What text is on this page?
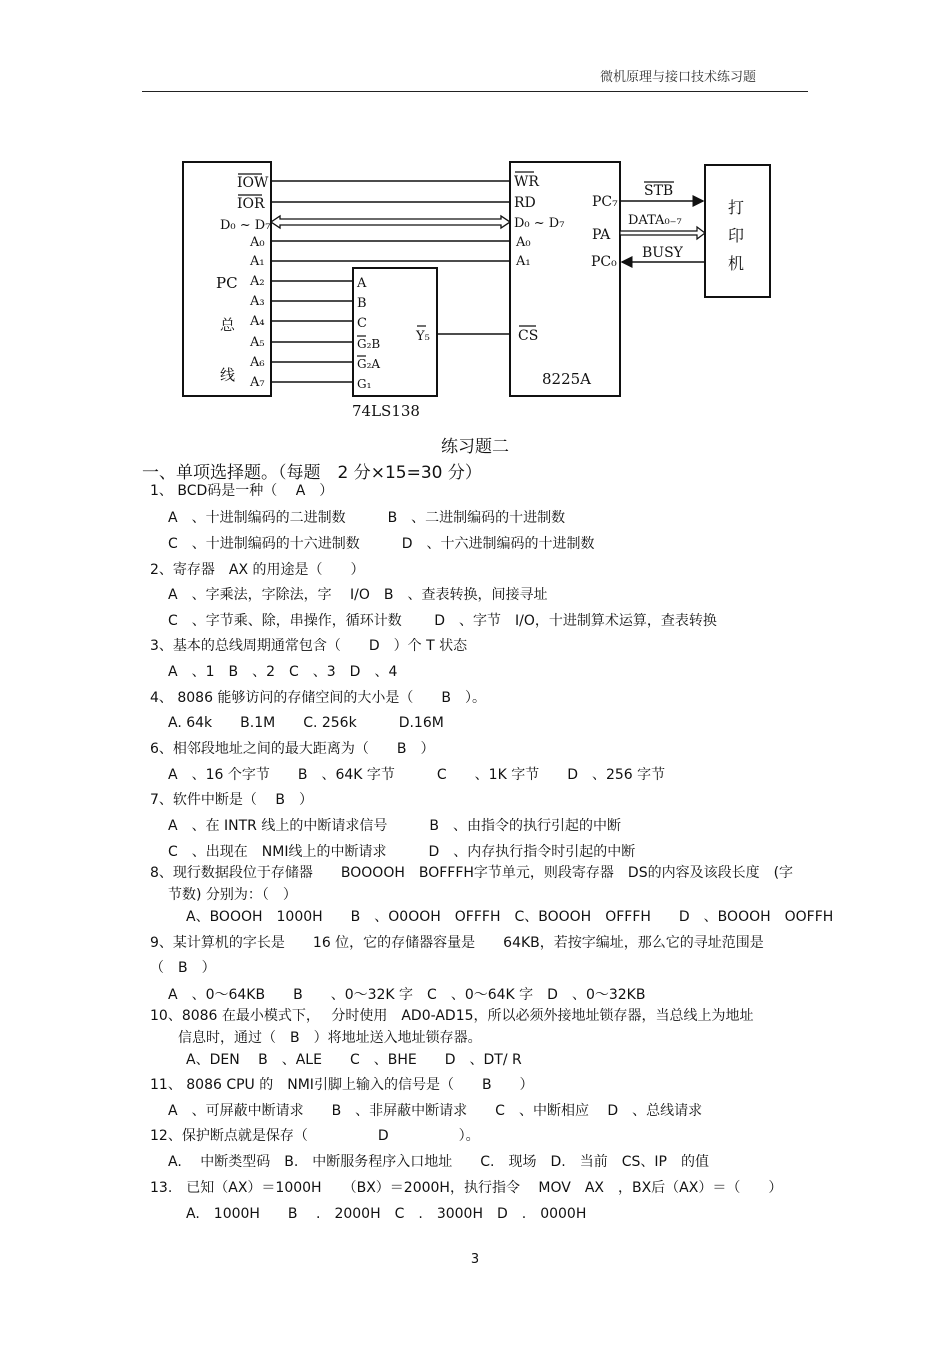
微机原理与接口技术练习题
IOW
IOR
D₀ ~ D₇
A₀
A₁
A₂
A₃
A₄
A₅
A₆
A₇
PC
总
线
A
B
C
G₂B
G₂A
G₁
Y₅
74LS138
WR
RD
D₀ ~ D₇
A₀
A₁
CS
PC₇
PA
PC₀
8225A
STB
DATA₀₋₇
BUSY
打
印
机
练习题二
一、单项选择题。（每题　2 分×15=30 分）
1、 BCD码是一种（　 A　）
A　、十进制编码的二进制数　　　B　、二进制编码的十进制数
C　、十进制编码的十六进制数　　　D　、十六进制编码的十进制数
2、寄存器　AX 的用途是（　　）
A　、字乘法，字除法，字　 I/O　B　、查表转换，间接寻址
C　、字节乘、除，串操作，循环计数　　 D　、字节　I/O，十进制算术运算，查表转换
3、基本的总线周期通常包含（　　D　）个 T 状态
A　、1　B　、2　C　、3　D　、4
4、 8086 能够访问的存储空间的大小是（　　B　）。
A. 64k　　B.1M　　C. 256k　　　D.16M
6、相邻段地址之间的最大距离为（　　B　）
A　、16 个字节　　B　、64K 字节　　　C　　、1K 字节　　D　、256 字节
7、软件中断是（　 B　）
A　、在 INTR 线上的中断请求信号　　　B　、由指令的执行引起的中断
C　、出现在　NMI线上的中断请求　　　D　、内存执行指令时引起的中断
8、现行数据段位于存储器　　BOOOOH　BOFFFH字节单元，则段寄存器　DS的内容及该段长度　(字
节数) 分别为：（　）
A、BOOOH　1000H　　B　、O0OOH　OFFFH　C、BOOOH　OFFFH　　D　、BOOOH　OOFFH
9、某计算机的字长是　　16 位，它的存储器容量是　　64KB，若按字编址，那么它的寻址范围是
（　B　）
A　、0～64KB　　B　　、0～32K 字　C　、0～64K 字　D　、0～32KB
10、8086 在最小模式下，　 分时使用　AD0-AD15，所以必须外接地址锁存器，当总线上为地址
信息时，通过（　B　）将地址送入地址锁存器。
A、DEN　 B　、ALE　　C　、BHE　　D　、DT/ R
11、 8086 CPU 的　NMI引脚上输入的信号是（　　B　　）
A　、可屏蔽中断请求　　B　、非屏蔽中断请求　　C　、中断相应　 D　、总线请求
12、保护断点就是保存（　　　　　D　　　　　）。
A.　 中断类型码　B.　中断服务程序入口地址　　C.　现场　D.　当前　CS、IP　的值
13.　已知（AX）＝1000H　　（BX）＝2000H，执行指令　 MOV　AX　，BX后（AX）＝（　　）
A.　1000H　　B　 .　2000H　C　.　3000H　D　.　0000H
3
